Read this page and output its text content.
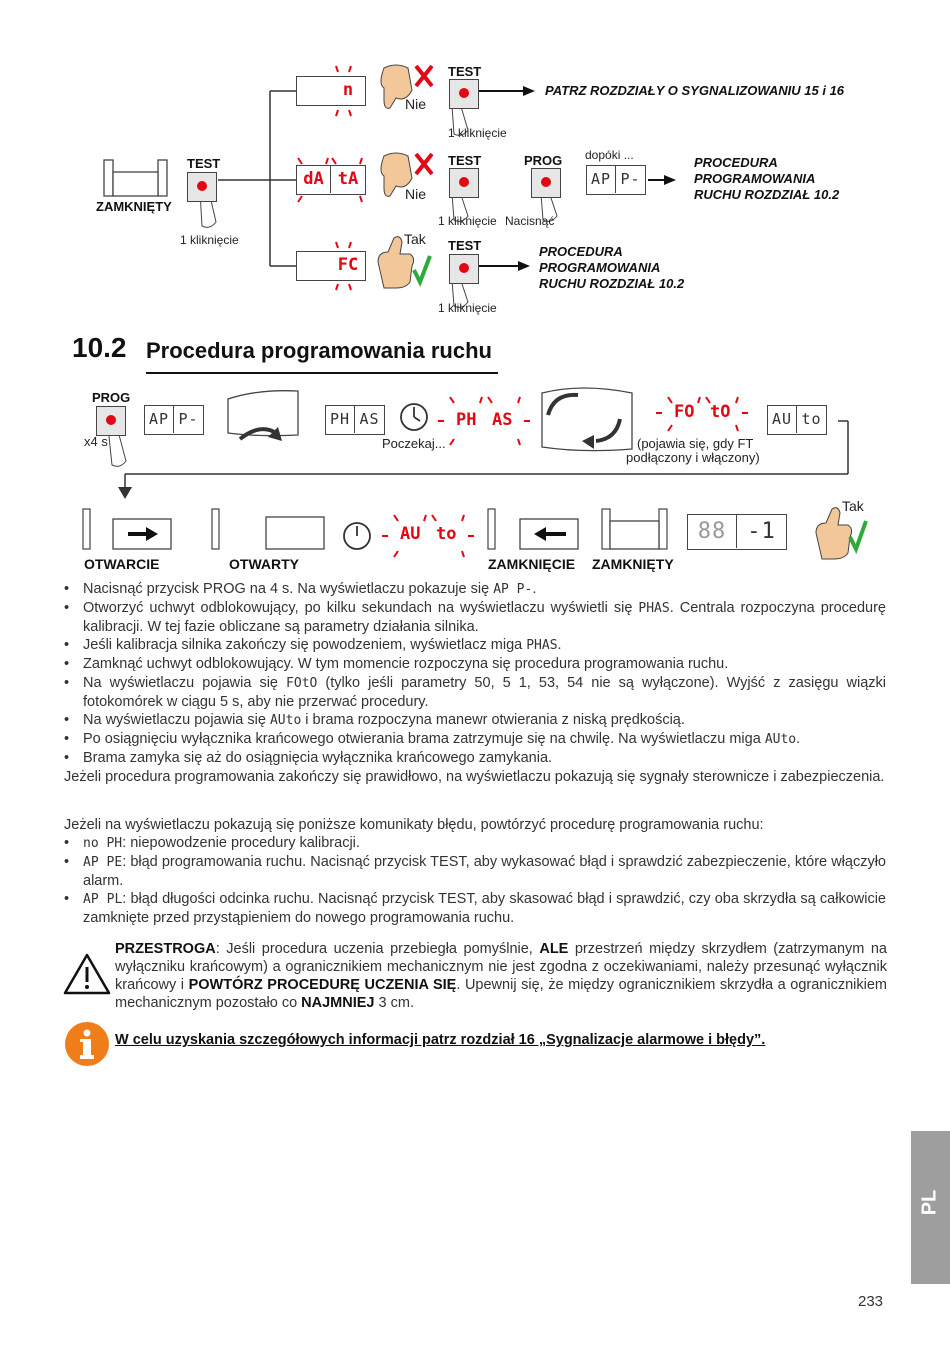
n
dA tA
FC
ZAMKNIĘTY
TEST
1 kliknięcie
Nie
TEST
1 kliknięcie
PATRZ ROZDZIAŁY O SYGNALIZOWANIU 15 i 16
Nie
TEST
1 kliknięcie
PROG
Nacisnąć
dopóki ...
AP P-
PROCEDURA
PROGRAMOWANIA
RUCHU ROZDZIAŁ 10.2
Tak TEST
1 kliknięcie
PROCEDURA
PROGRAMOWANIA
RUCHU ROZDZIAŁ 10.2
10.2 Procedura programowania ruchu
PROG
x4 s
AP P-	PH AS
Poczekaj...
PH AS	FO tO
(pojawia się, gdy FT
podłączony i włączony)
AU to
AU to	88 -1
Tak
OTWARCIE	OTWARTY	ZAMKNIĘCIE ZAMKNIĘTY
• Nacisnąć przycisk PROG na 4 s. Na wyświetlaczu pokazuje się AP P-.
• Otworzyć uchwyt odblokowujący, po kilku sekundach na wyświetlaczu wyświetli się PHAS. Centrala rozpoczyna procedurę kalibracji. W tej fazie obliczane są parametry działania silnika.
• Jeśli kalibracja silnika zakończy się powodzeniem, wyświetlacz miga PHAS.
• Zamknąć uchwyt odblokowujący. W tym momencie rozpoczyna się procedura programowania ruchu.
• Na wyświetlaczu pojawia się FOtO (tylko jeśli parametry 50, 5 1, 53, 54 nie są wyłączone). Wyjść z zasięgu wiązki fotokomórek w ciągu 5 s, aby nie przerwać procedury.
• Na wyświetlaczu pojawia się AUto i brama rozpoczyna manewr otwierania z niską prędkością.
• Po osiągnięciu wyłącznika krańcowego otwierania brama zatrzymuje się na chwilę. Na wyświetlaczu miga AUto.
• Brama zamyka się aż do osiągnięcia wyłącznika krańcowego zamykania.
Jeżeli procedura programowania zakończy się prawidłowo, na wyświetlaczu pokazują się sygnały sterownicze i zabezpieczenia.
Jeżeli na wyświetlaczu pokazują się poniższe komunikaty błędu, powtórzyć procedurę programowania ruchu:
• no PH: niepowodzenie procedury kalibracji.
• AP PE: błąd programowania ruchu. Nacisnąć przycisk TEST, aby wykasować błąd i sprawdzić zabezpieczenie, które włączyło alarm.
• AP PL: błąd długości odcinka ruchu. Nacisnąć przycisk TEST, aby skasować błąd i sprawdzić, czy oba skrzydła są całkowicie zamknięte przed przystąpieniem do nowego programowania ruchu.
PRZESTROGA: Jeśli procedura uczenia przebiegła pomyślnie, ALE przestrzeń między skrzydłem (zatrzymanym na wyłączniku krańcowym) a ogranicznikiem mechanicznym nie jest zgodna z oczekiwaniami, należy przesunąć wyłącznik krańcowy i POWTÓRZ PROCEDURĘ UCZENIA SIĘ. Upewnij się, że między ogranicznikiem skrzydła a ogranicznikiem mechanicznym pozostało co NAJMNIEJ 3 cm.
W celu uzyskania szczegółowych informacji patrz rozdział 16 „Sygnalizacje alarmowe i błędy”.
PL
233
